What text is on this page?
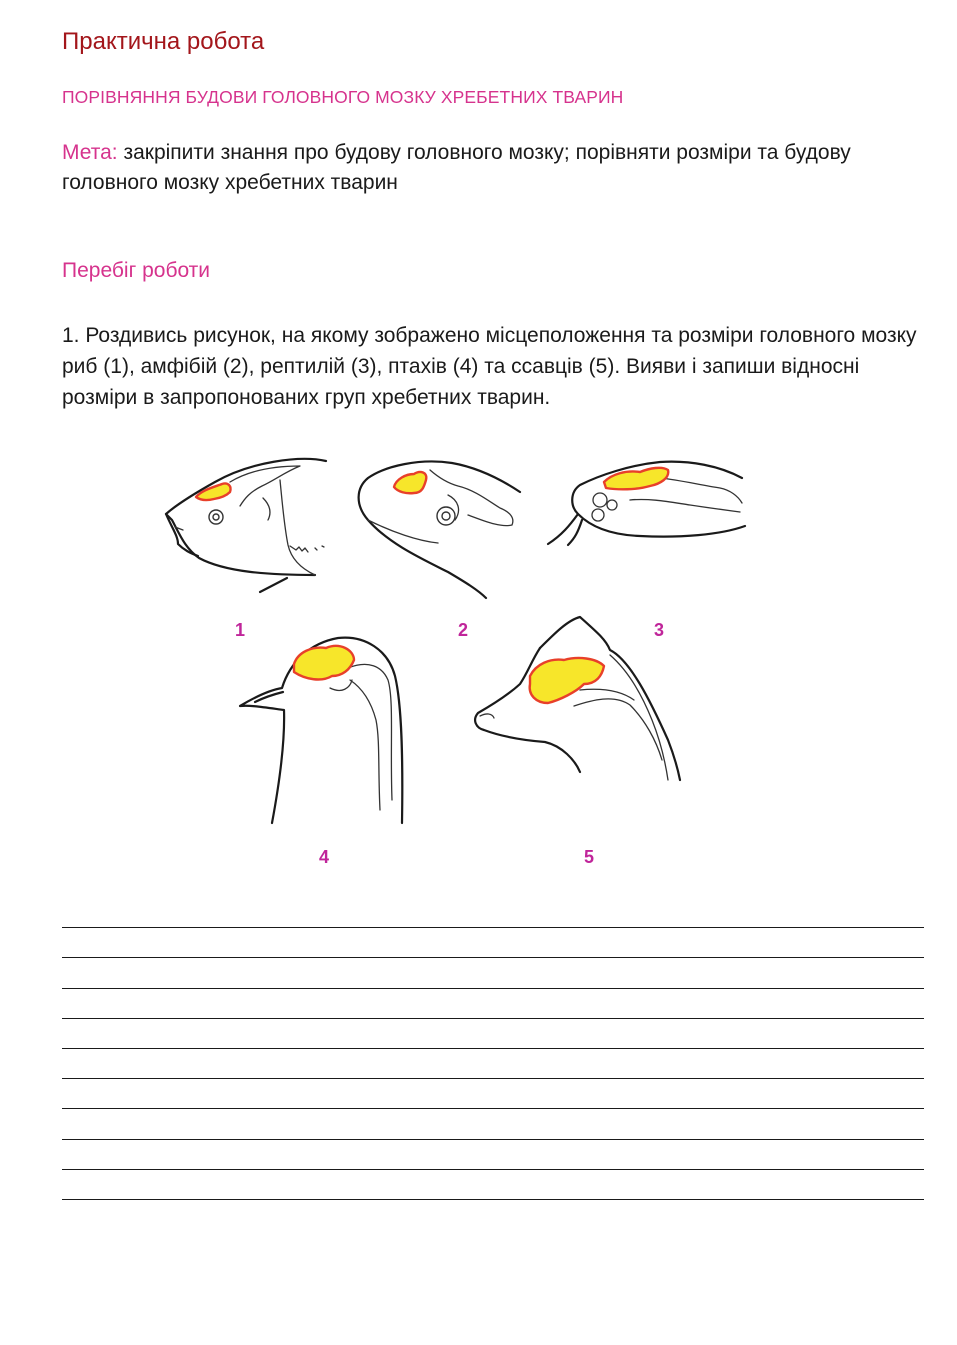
Практична робота
ПОРІВНЯННЯ БУДОВИ ГОЛОВНОГО МОЗКУ ХРЕБЕТНИХ ТВАРИН
Мета: закріпити знання про будову головного мозку; порівняти розміри та будову головного мозку хребетних тварин
Перебіг роботи
1. Роздивись рисунок, на якому зображено місцеположення та розміри головного мозку риб (1), амфібій (2), рептилій (3), птахів (4) та ссавців (5). Вияви і запиши відносні розміри в запропонованих груп хребетних тварин.
1	2	3
4	5
